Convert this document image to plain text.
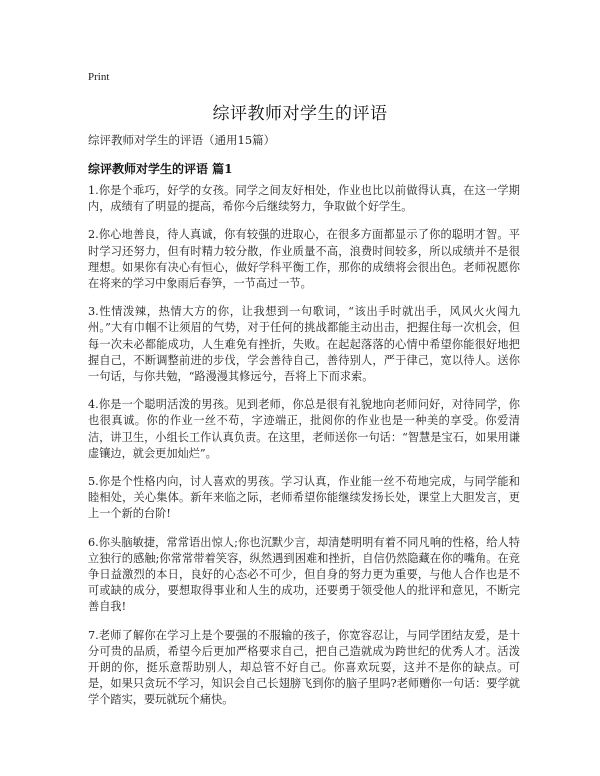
Print
综评教师对学生的评语
综评教师对学生的评语（通用15篇）
综评教师对学生的评语 篇1

1.你是个乖巧，好学的女孩。同学之间友好相处，作业也比以前做得认真，在这一学期内，成绩有了明显的提高，希你今后继续努力，争取做个好学生。

2.你心地善良，待人真诚，你有较强的进取心，在很多方面都显示了你的聪明才智。平时学习还努力，但有时精力较分散，作业质量不高，浪费时间较多，所以成绩并不是很理想。如果你有决心有恒心，做好学科平衡工作，那你的成绩将会很出色。老师祝愿你在将来的学习中象雨后春笋，一节高过一节。

3.性情泼辣，热情大方的你，让我想到一句歌词，“该出手时就出手，风风火火闯九州。”大有巾帼不让须眉的气势，对于任何的挑战都能主动出击，把握住每一次机会，但每一次未必都能成功，人生难免有挫折，失败。在起起落落的心情中希望你能很好地把握自己，不断调整前进的步伐，学会善待自己，善待别人，严于律己，宽以待人。送你一句话，与你共勉，“路漫漫其修远兮，吾将上下而求索。

4.你是一个聪明活泼的男孩。见到老师，你总是很有礼貌地向老师问好，对待同学，你也很真诚。你的作业一丝不苟，字迹端正，批阅你的作业也是一种美的享受。你爱清洁，讲卫生，小组长工作认真负责。在这里，老师送你一句话：“智慧是宝石，如果用谦虚镶边，就会更加灿烂”。

5.你是个性格内向，讨人喜欢的男孩。学习认真，作业能一丝不苟地完成，与同学能和睦相处，关心集体。新年来临之际，老师希望你能继续发扬长处，课堂上大胆发言，更上一个新的台阶!

6.你头脑敏捷，常常语出惊人;你也沉默少言，却清楚明明有着不同凡响的性格，给人特立独行的感触;你常常带着笑容，纵然遇到困难和挫折，自信仍然隐藏在你的嘴角。在竞争日益激烈的本日，良好的心态必不可少，但自身的努力更为重要，与他人合作也是不可或缺的成分，要想取得事业和人生的成功，还要勇于领受他人的批评和意见，不断完善自我!

7.老师了解你在学习上是个要强的不服输的孩子，你宽容忍让，与同学团结友爱，是十分可贵的品质，希望今后更加严格要求自己，把自己造就成为跨世纪的优秀人才。活泼开朗的你，挺乐意帮助别人，却总管不好自己。你喜欢玩耍，这并不是你的缺点。可是，如果只贪玩不学习，知识会自己长翅膀飞到你的脑子里吗?老师赠你一句话：要学就学个踏实，要玩就玩个痛快。
